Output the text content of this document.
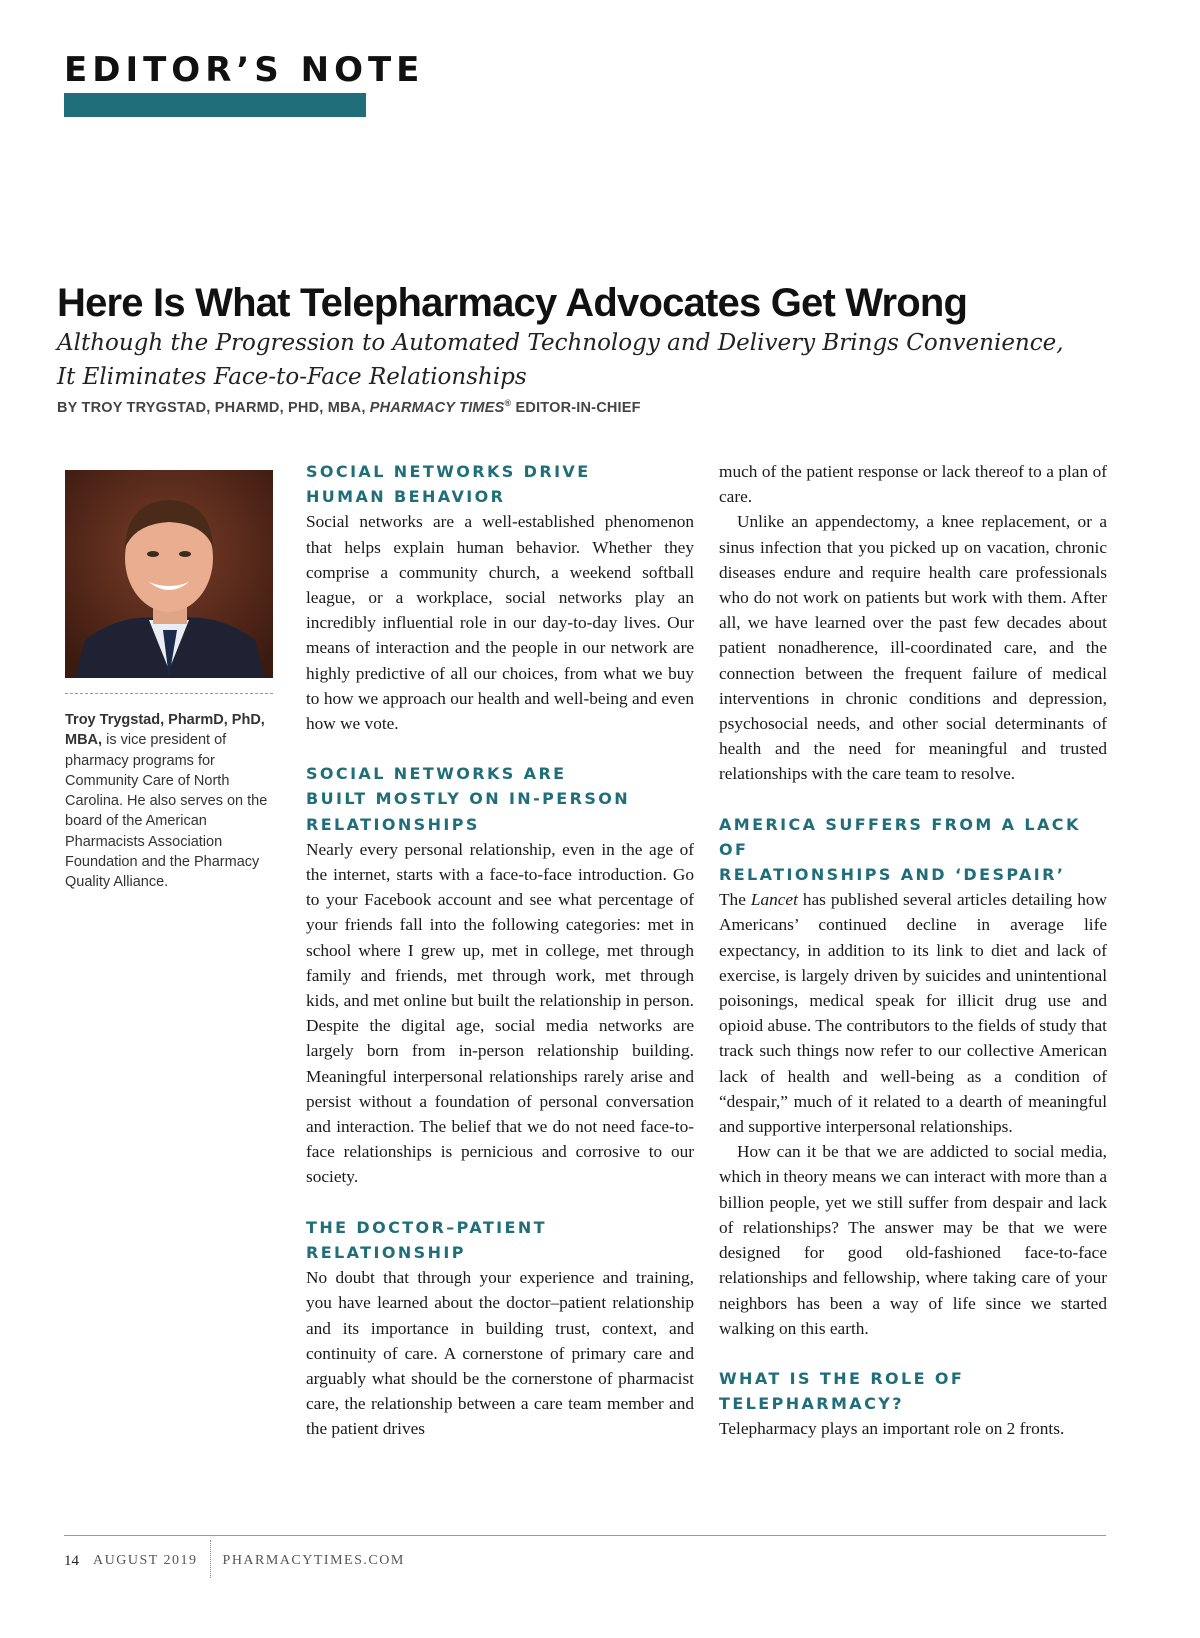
EDITOR’S NOTE
Here Is What Telepharmacy Advocates Get Wrong
Although the Progression to Automated Technology and Delivery Brings Convenience,
It Eliminates Face-to-Face Relationships
BY TROY TRYGSTAD, PHARMD, PHD, MBA, PHARMACY TIMES® EDITOR-IN-CHIEF
Troy Trygstad, PharmD, PhD, MBA, is vice president of pharmacy programs for Community Care of North Carolina. He also serves on the board of the American Pharmacists Association Foundation and the Pharmacy Quality Alliance.
SOCIAL NETWORKS DRIVE
HUMAN BEHAVIOR

Social networks are a well-established phenomenon that helps explain human behavior. Whether they comprise a community church, a weekend softball league, or a workplace, social networks play an incredibly influential role in our day-to-day lives. Our means of interaction and the people in our network are highly predictive of all our choices, from what we buy to how we approach our health and well-being and even how we vote.

SOCIAL NETWORKS ARE
BUILT MOSTLY ON IN-PERSON
RELATIONSHIPS

Nearly every personal relationship, even in the age of the internet, starts with a face-to-face introduction. Go to your Facebook account and see what percentage of your friends fall into the following categories: met in school where I grew up, met in college, met through family and friends, met through work, met through kids, and met online but built the relationship in person. Despite the digital age, social media networks are largely born from in-person relationship building. Meaningful interpersonal relationships rarely arise and persist without a foundation of personal conversation and interaction. The belief that we do not need face-to-face relationships is pernicious and corrosive to our society.

THE DOCTOR–PATIENT
RELATIONSHIP

No doubt that through your experience and training, you have learned about the doctor–patient relationship and its importance in building trust, context, and continuity of care. A cornerstone of primary care and arguably what should be the cornerstone of pharmacist care, the relationship between a care team member and the patient drives

much of the patient response or lack thereof to a plan of care.

Unlike an appendectomy, a knee replacement, or a sinus infection that you picked up on vacation, chronic diseases endure and require health care professionals who do not work on patients but work with them. After all, we have learned over the past few decades about patient nonadherence, ill-coordinated care, and the connection between the frequent failure of medical interventions in chronic conditions and depression, psychosocial needs, and other social determinants of health and the need for meaningful and trusted relationships with the care team to resolve.

AMERICA SUFFERS FROM A LACK OF
RELATIONSHIPS AND ‘DESPAIR’

The Lancet has published several articles detailing how Americans’ continued decline in average life expectancy, in addition to its link to diet and lack of exercise, is largely driven by suicides and unintentional poisonings, medical speak for illicit drug use and opioid abuse. The contributors to the fields of study that track such things now refer to our collective American lack of health and well-being as a condition of “despair,” much of it related to a dearth of meaningful and supportive interpersonal relationships.

How can it be that we are addicted to social media, which in theory means we can interact with more than a billion people, yet we still suffer from despair and lack of relationships? The answer may be that we were designed for good old-fashioned face-to-face relationships and fellowship, where taking care of your neighbors has been a way of life since we started walking on this earth.

WHAT IS THE ROLE OF
TELEPHARMACY?

Telepharmacy plays an important role on 2 fronts.

14 AUGUST 2019 PHARMACYTIMES.COM
